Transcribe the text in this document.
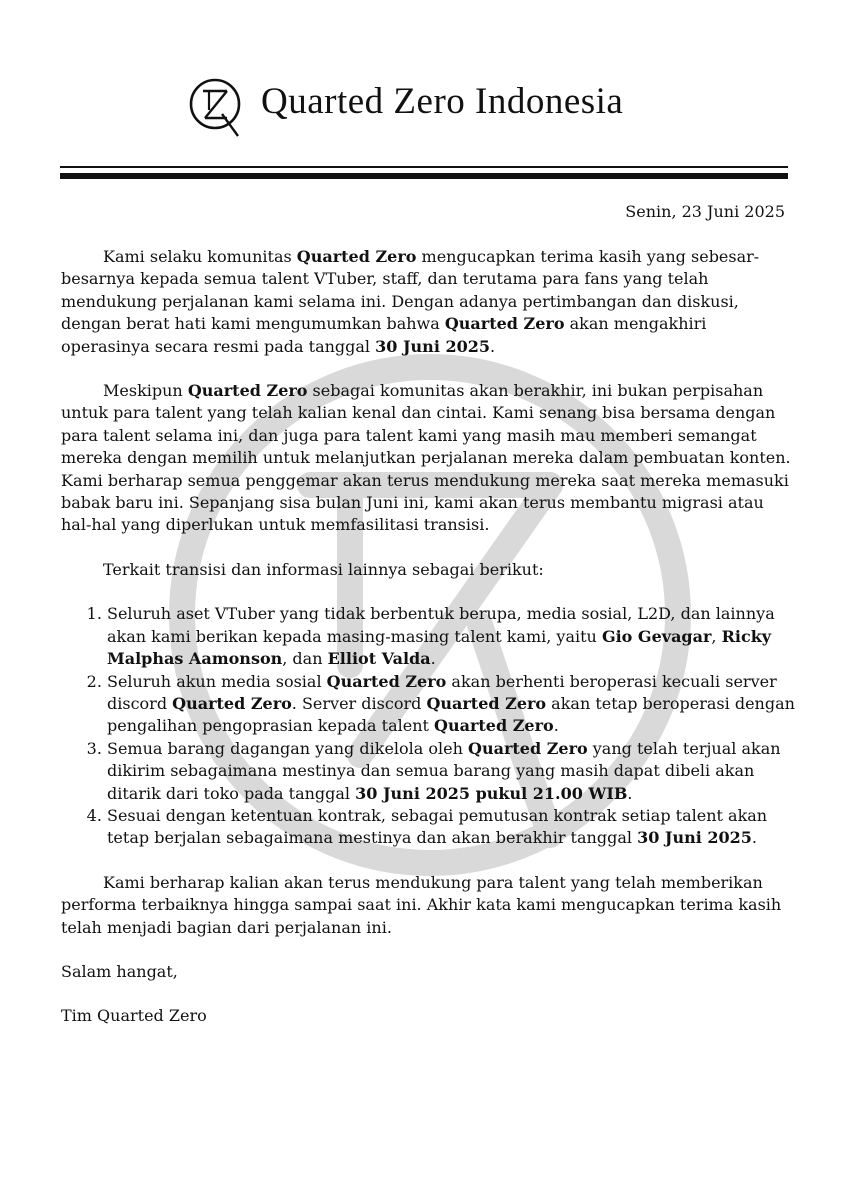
Quarted Zero Indonesia
Senin, 23 Juni 2025

Kami selaku komunitas Quarted Zero mengucapkan terima kasih yang sebesar-besarnya kepada semua talent VTuber, staff, dan terutama para fans yang telah mendukung perjalanan kami selama ini. Dengan adanya pertimbangan dan diskusi, dengan berat hati kami mengumumkan bahwa Quarted Zero akan mengakhiri operasinya secara resmi pada tanggal 30 Juni 2025.

Meskipun Quarted Zero sebagai komunitas akan berakhir, ini bukan perpisahan untuk para talent yang telah kalian kenal dan cintai. Kami senang bisa bersama dengan para talent selama ini, dan juga para talent kami yang masih mau memberi semangat mereka dengan memilih untuk melanjutkan perjalanan mereka dalam pembuatan konten. Kami berharap semua penggemar akan terus mendukung mereka saat mereka memasuki babak baru ini. Sepanjang sisa bulan Juni ini, kami akan terus membantu migrasi atau hal-hal yang diperlukan untuk memfasilitasi transisi.

Terkait transisi dan informasi lainnya sebagai berikut:

1. Seluruh aset VTuber yang tidak berbentuk berupa, media sosial, L2D, dan lainnya akan kami berikan kepada masing-masing talent kami, yaitu Gio Gevagar, Ricky Malphas Aamonson, dan Elliot Valda.
2. Seluruh akun media sosial Quarted Zero akan berhenti beroperasi kecuali server discord Quarted Zero. Server discord Quarted Zero akan tetap beroperasi dengan pengalihan pengoprasian kepada talent Quarted Zero.
3. Semua barang dagangan yang dikelola oleh Quarted Zero yang telah terjual akan dikirim sebagaimana mestinya dan semua barang yang masih dapat dibeli akan ditarik dari toko pada tanggal 30 Juni 2025 pukul 21.00 WIB.
4. Sesuai dengan ketentuan kontrak, sebagai pemutusan kontrak setiap talent akan tetap berjalan sebagaimana mestinya dan akan berakhir tanggal 30 Juni 2025.

Kami berharap kalian akan terus mendukung para talent yang telah memberikan performa terbaiknya hingga sampai saat ini. Akhir kata kami mengucapkan terima kasih telah menjadi bagian dari perjalanan ini.

Salam hangat,

Tim Quarted Zero
